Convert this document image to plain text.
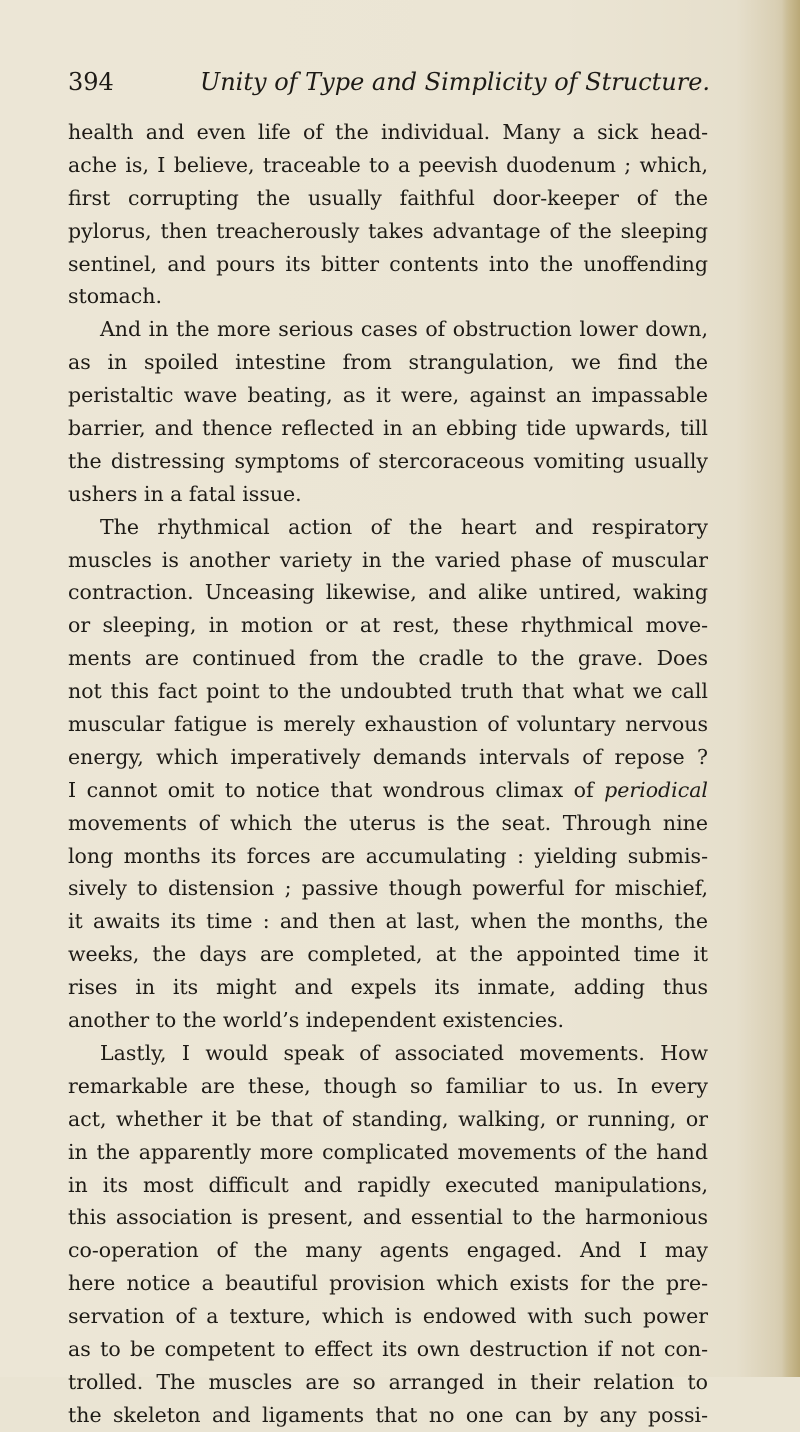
394	Unity of Type and Simplicity of Structure.
health and even life of the individual. Many a sick head-
ache is, I believe, traceable to a peevish duodenum ; which,
first corrupting the usually faithful door-keeper of the
pylorus, then treacherously takes advantage of the sleeping
sentinel, and pours its bitter contents into the unoffending
stomach.
And in the more serious cases of obstruction lower down,
as in spoiled intestine from strangulation, we find the
peristaltic wave beating, as it were, against an impassable
barrier, and thence reflected in an ebbing tide upwards, till
the distressing symptoms of stercoraceous vomiting usually
ushers in a fatal issue.
The rhythmical action of the heart and respiratory
muscles is another variety in the varied phase of muscular
contraction. Unceasing likewise, and alike untired, waking
or sleeping, in motion or at rest, these rhythmical move-
ments are continued from the cradle to the grave. Does
not this fact point to the undoubted truth that what we call
muscular fatigue is merely exhaustion of voluntary nervous
energy, which imperatively demands intervals of repose ?
I cannot omit to notice that wondrous climax of periodical
movements of which the uterus is the seat. Through nine
long months its forces are accumulating : yielding submis-
sively to distension ; passive though powerful for mischief,
it awaits its time : and then at last, when the months, the
weeks, the days are completed, at the appointed time it
rises in its might and expels its inmate, adding thus
another to the world’s independent existencies.
Lastly, I would speak of associated movements. How
remarkable are these, though so familiar to us. In every
act, whether it be that of standing, walking, or running, or
in the apparently more complicated movements of the hand
in its most difficult and rapidly executed manipulations,
this association is present, and essential to the harmonious
co-operation of the many agents engaged. And I may
here notice a beautiful provision which exists for the pre-
servation of a texture, which is endowed with such power
as to be competent to effect its own destruction if not con-
trolled. The muscles are so arranged in their relation to
the skeleton and ligaments that no one can by any possi-
